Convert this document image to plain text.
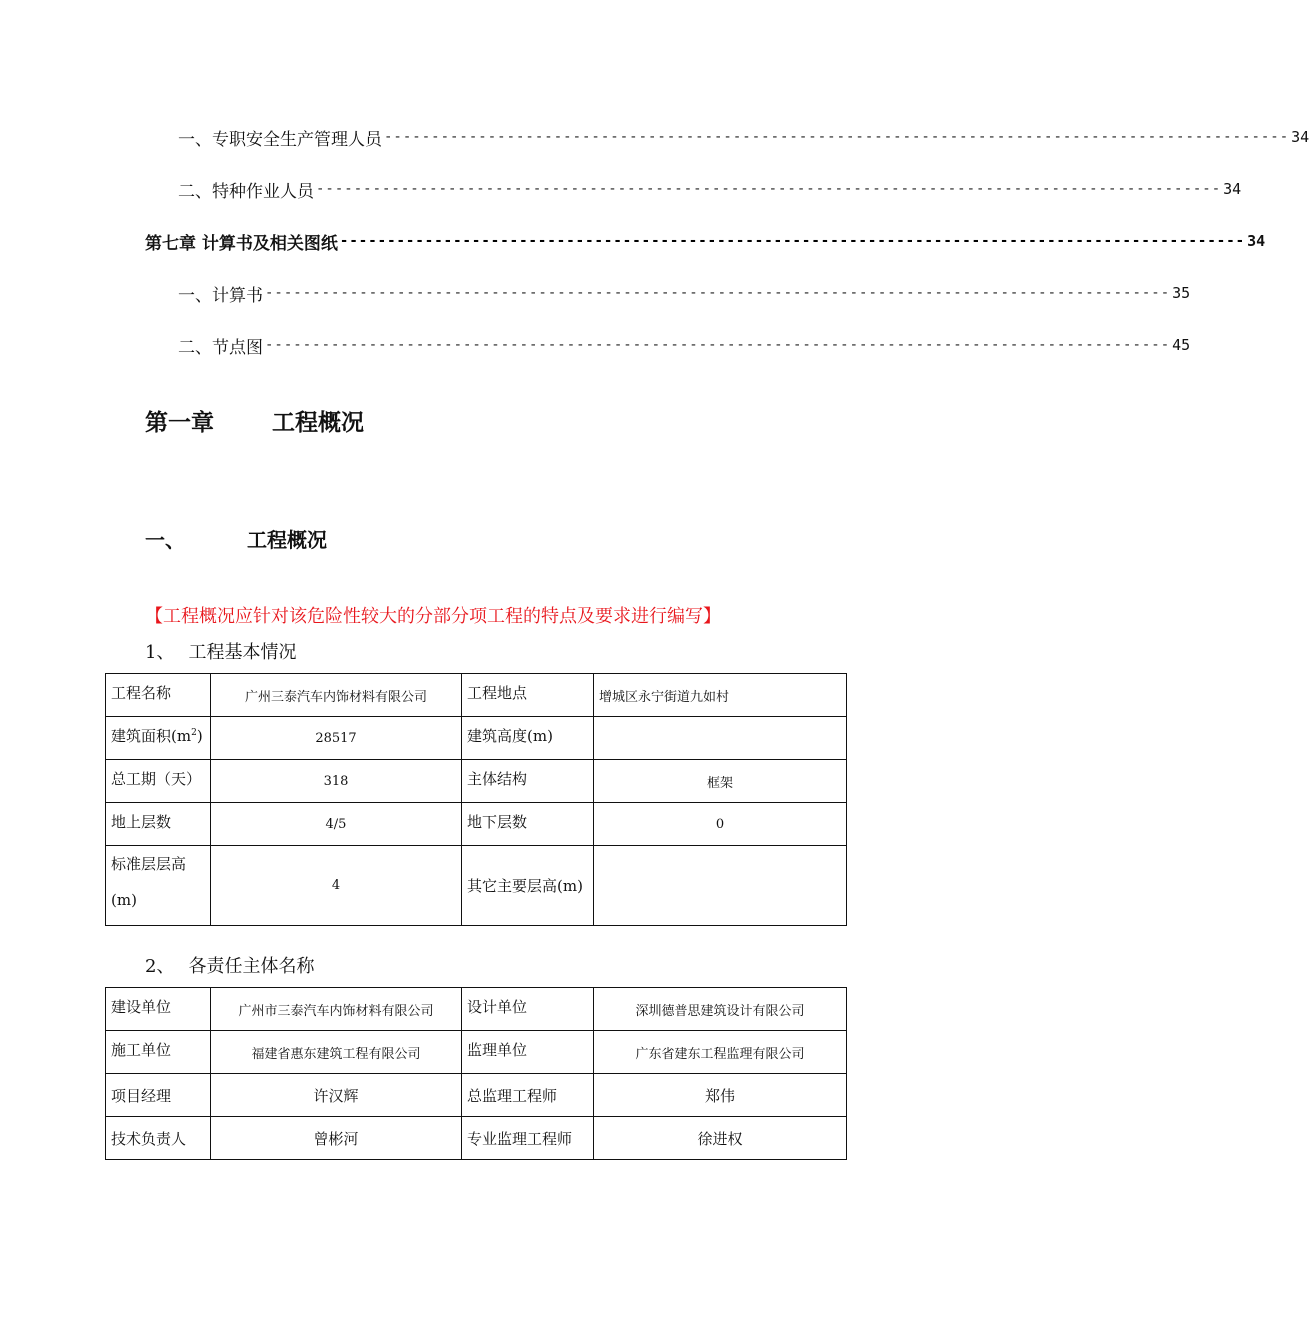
一、 专职安全生产管理人员 ------------------------------------------------------------------------------------------------ 34
二、 特种作业人员 ------------------------------------------------------------------------------------------------ 34
第七章 计算书及相关图纸 ------------------------------------------------------------------------------------------------ 34
一、 计算书 ------------------------------------------------------------------------------------------------ 35
二、 节点图 ------------------------------------------------------------------------------------------------ 45
第一章	工程概况
一、	工程概况
【工程概况应针对该危险性较大的分部分项工程的特点及要求进行编写】
1、 工程基本情况
工程名称	广州三泰汽车内饰材料有限公司	工程地点	增城区永宁街道九如村
建筑面积$(m^2)$	28517	建筑高度(m)	
总工期（天）	318	主体结构	框架
地上层数	4/5	地下层数	0

标准层层高
(m)	4	其它主要层高(m)	
2、 各责任主体名称
建设单位	广州市三泰汽车内饰材料有限公司	设计单位	深圳德普思建筑设计有限公司
施工单位	福建省惠东建筑工程有限公司	监理单位	广东省建东工程监理有限公司
项目经理	许汉辉	总监理工程师	郑伟
技术负责人	曾彬河	专业监理工程师	徐进权
